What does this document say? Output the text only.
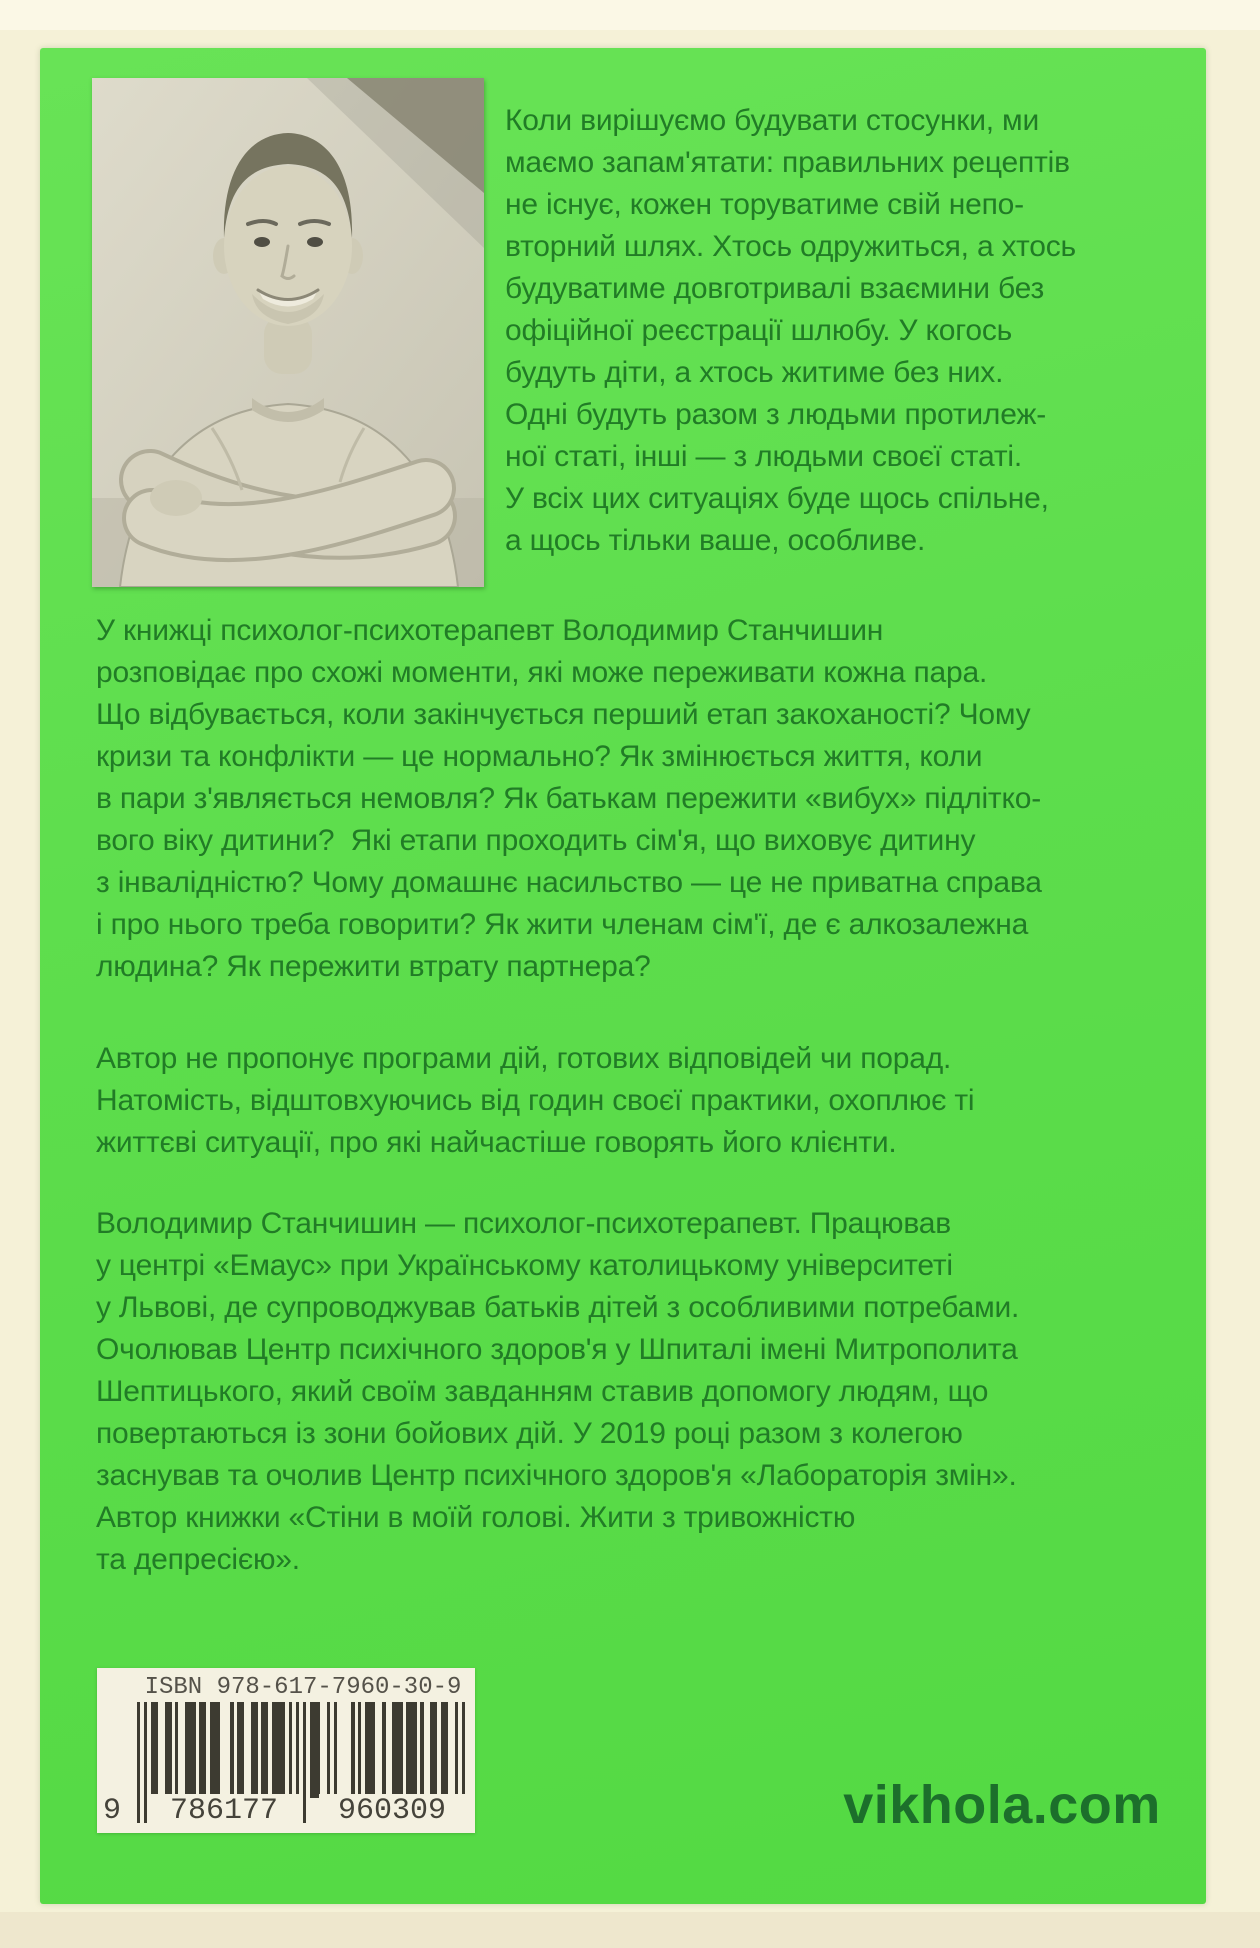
Коли вирішуємо будувати стосунки, ми
маємо запам'ятати: правильних рецептів
не існує, кожен торуватиме свій непо-
вторний шлях. Хтось одружиться, а хтось
будуватиме довготривалі взаємини без
офіційної реєстрації шлюбу. У когось
будуть діти, а хтось житиме без них.
Одні будуть разом з людьми протилеж-
ної статі, інші — з людьми своєї статі.
У всіх цих ситуаціях буде щось спільне,
а щось тільки ваше, особливе.
У книжці психолог-психотерапевт Володимир Станчишин
розповідає про схожі моменти, які може переживати кожна пара.
Що відбувається, коли закінчується перший етап закоханості? Чому
кризи та конфлікти — це нормально? Як змінюється життя, коли
в пари з'являється немовля? Як батькам пережити «вибух» підлітко-
вого віку дитини?  Які етапи проходить сім'я, що виховує дитину
з інвалідністю? Чому домашнє насильство — це не приватна справа
і про нього треба говорити? Як жити членам сім'ї, де є алкозалежна
людина? Як пережити втрату партнера?
Автор не пропонує програми дій, готових відповідей чи порад.
Натомість, відштовхуючись від годин своєї практики, охоплює ті
життєві ситуації, про які найчастіше говорять його клієнти.
Володимир Станчишин — психолог-психотерапевт. Працював
у центрі «Емаус» при Українському католицькому університеті
у Львові, де супроводжував батьків дітей з особливими потребами.
Очолював Центр психічного здоров'я у Шпиталі імені Митрополита
Шептицького, який своїм завданням ставив допомогу людям, що
повертаються із зони бойових дій. У 2019 році разом з колегою
заснував та очолив Центр психічного здоров'я «Лабораторія змін».
Автор книжки «Стіни в моїй голові. Жити з тривожністю
та депресією».
ISBN 978-617-7960-30-9
9	786177	960309	vikhola.com
